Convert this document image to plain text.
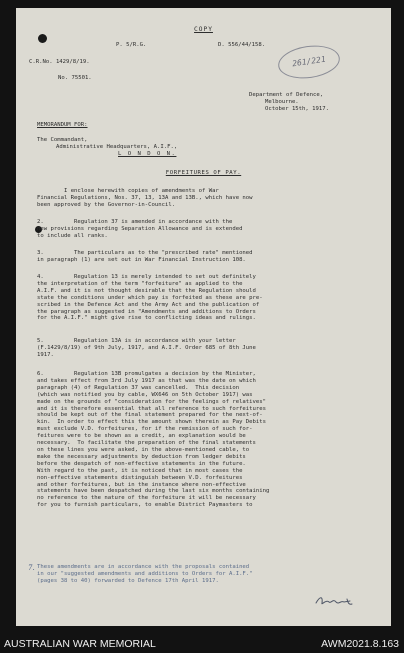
COPY
P. 5/R.G.	D. 556/44/158.
261/221
C.R.No. 1429/8/19.
No. 75501.
Department of Defence,
Melbourne.
October 15th, 1917.
MEMORANDUM FOR:
The Commandant,
Administrative Headquarters, A.I.F.,
L O N D O N.
FORFEITURES OF PAY.
I enclose herewith copies of amendments of War
Financial Regulations, Nos. 37, 13, 13A and 13B., which have now
been approved by the Governor-in-Council.
2.         Regulation 37 is amended in accordance with the
new provisions regarding Separation Allowance and is extended
to include all ranks.
3.         The particulars as to the "prescribed rate" mentioned
in paragraph (1) are set out in War Financial Instruction 108.
4.         Regulation 13 is merely intended to set out definitely
the interpretation of the term "forfeiture" as applied to the
A.I.F. and it is not thought desirable that the Regulation should
state the conditions under which pay is forfeited as these are pre-
scribed in the Defence Act and the Army Act and the publication of
the paragraph as suggested in "Amendments and additions to Orders
for the A.I.F." might give rise to conflicting ideas and rulings.
5.         Regulation 13A is in accordance with your letter
(F.1429/8/19) of 9th July, 1917, and A.I.F. Order 685 of 8th June
1917.
6.         Regulation 13B promulgates a decision by the Minister,
and takes effect from 3rd July 1917 as that was the date on which
paragraph (4) of Regulation 37 was cancelled.  This decision
(which was notified you by cable, WX646 on 5th October 1917) was
made on the grounds of "consideration for the feelings of relatives"
and it is therefore essential that all reference to such forfeitures
should be kept out of the final statement prepared for the next-of-
kin.  In order to effect this the amount shown therein as Pay Debits
must exclude V.D. forfeitures, for if the remission of such for-
feitures were to be shown as a credit, an explanation would be
necessary.  To facilitate the preparation of the final statements
on these lines you were asked, in the above-mentioned cable, to
make the necessary adjustments by deduction from ledger debits
before the despatch of non-effective statements in the future.
With regard to the past, it is noticed that in most cases the
non-effective statements distinguish between V.D. forfeitures
and other forfeitures, but in the instance where non-effective
statements have been despatched during the last six months containing
no reference to the nature of the forfeiture it will be necessary
for you to furnish particulars, to enable District Paymasters to
7. These amendments are in accordance with the proposals contained
in our "suggested amendments and additions to Orders for A.I.F."
(pages 38 to 40) forwarded to Defence 17th April 1917.
AUSTRALIAN WAR MEMORIAL	AWM2021.8.163
